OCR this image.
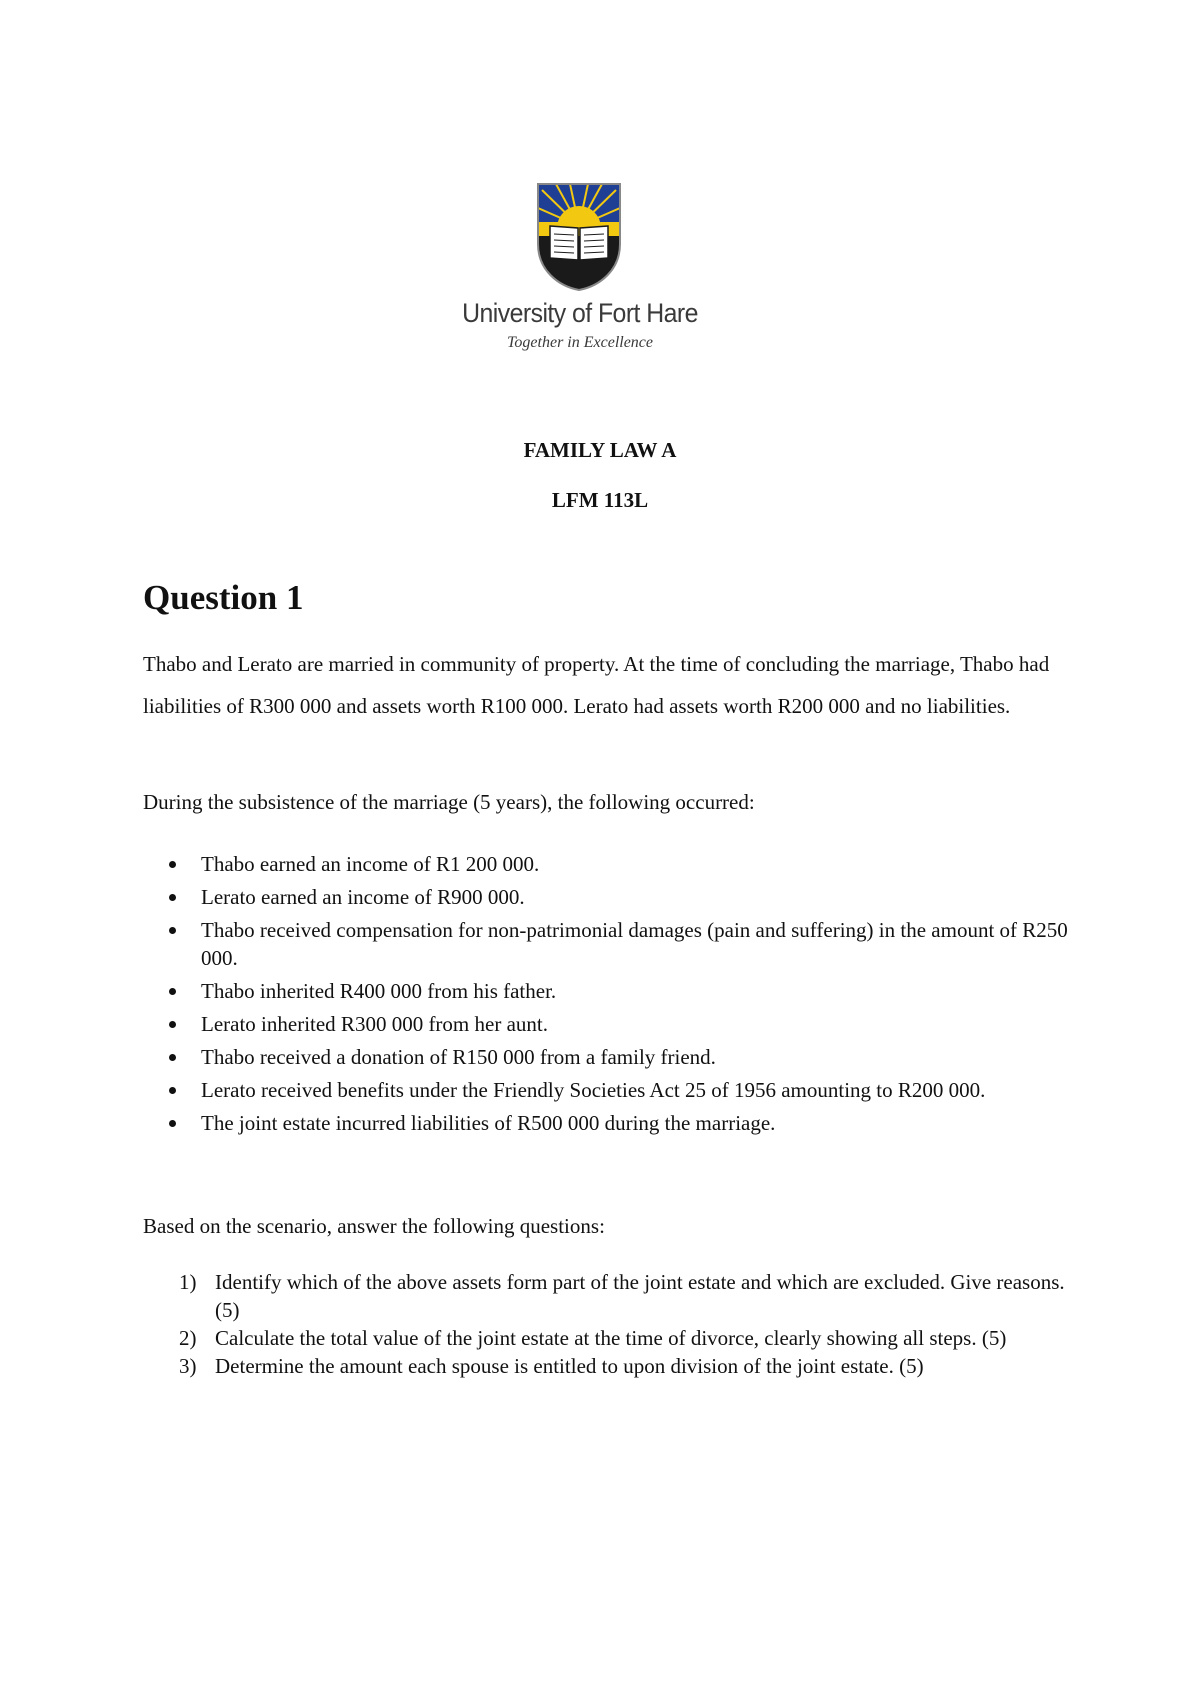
University of Fort Hare
Together in Excellence
FAMILY LAW A
LFM 113L
Question 1

Thabo and Lerato are married in community of property. At the time of concluding the marriage, Thabo had liabilities of R300 000 and assets worth R100 000. Lerato had assets worth R200 000 and no liabilities.

During the subsistence of the marriage (5 years), the following occurred:

Thabo earned an income of R1 200 000.
Lerato earned an income of R900 000.
Thabo received compensation for non-patrimonial damages (pain and suffering) in the amount of R250 000.
Thabo inherited R400 000 from his father.
Lerato inherited R300 000 from her aunt.
Thabo received a donation of R150 000 from a family friend.
Lerato received benefits under the Friendly Societies Act 25 of 1956 amounting to R200 000.
The joint estate incurred liabilities of R500 000 during the marriage.

Based on the scenario, answer the following questions:

1) Identify which of the above assets form part of the joint estate and which are excluded. Give reasons. (5)
2) Calculate the total value of the joint estate at the time of divorce, clearly showing all steps. (5)
3) Determine the amount each spouse is entitled to upon division of the joint estate. (5)
